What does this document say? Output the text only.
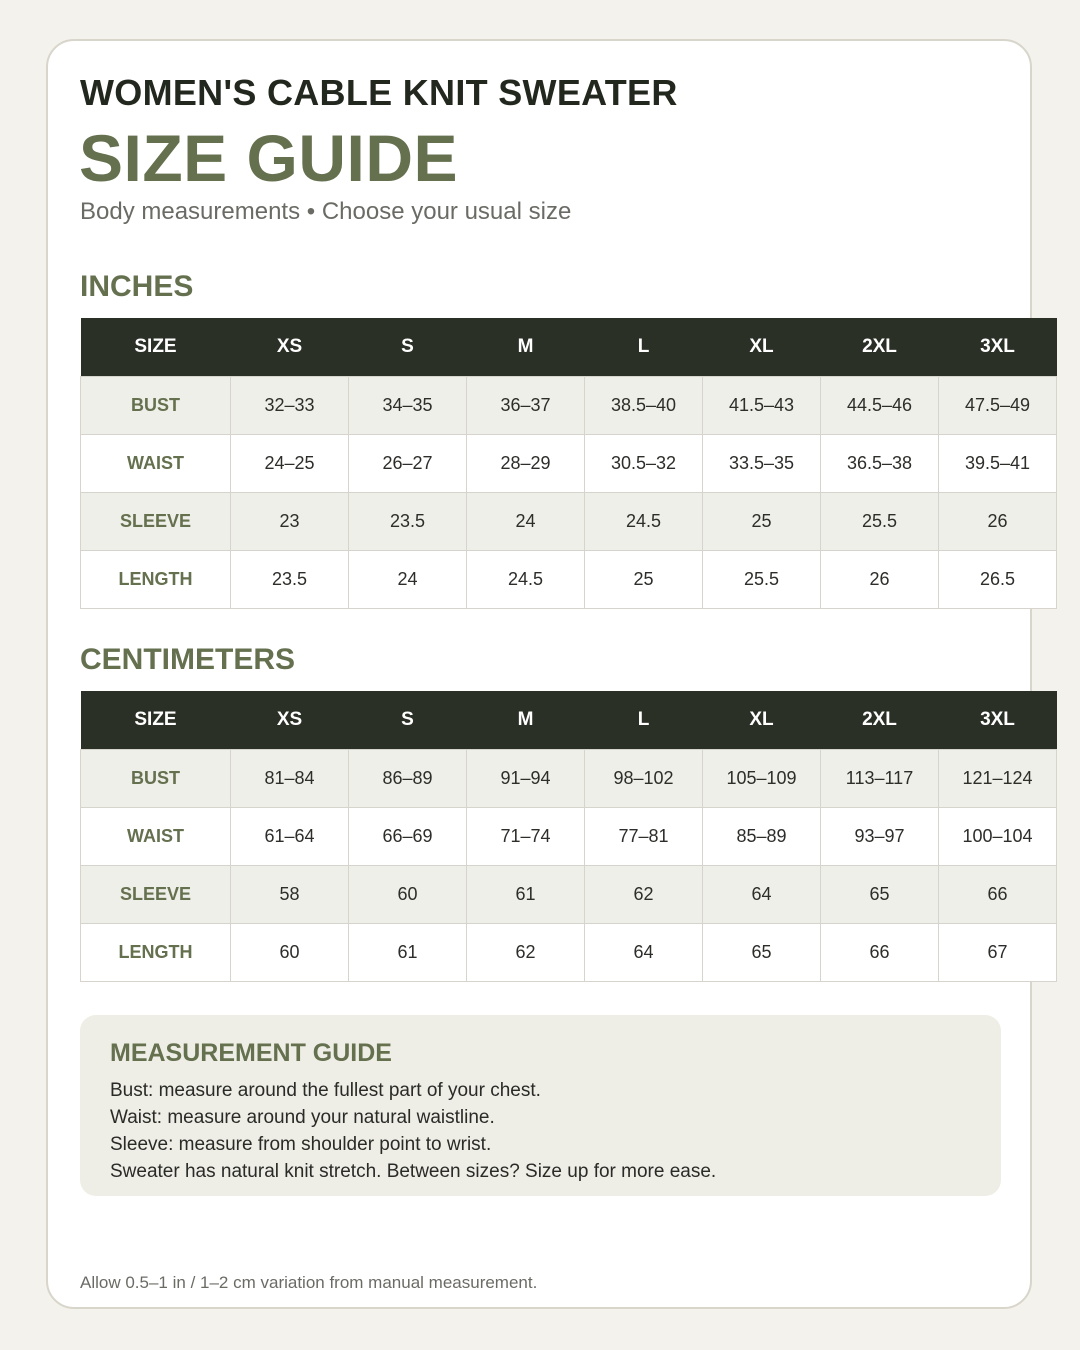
WOMEN'S CABLE KNIT SWEATER
SIZE GUIDE
Body measurements • Choose your usual size
INCHES
SIZE	XS	S	M	L	XL	2XL	3XL
BUST	32–33	34–35	36–37	38.5–40	41.5–43	44.5–46	47.5–49
WAIST	24–25	26–27	28–29	30.5–32	33.5–35	36.5–38	39.5–41
SLEEVE	23	23.5	24	24.5	25	25.5	26
LENGTH	23.5	24	24.5	25	25.5	26	26.5
CENTIMETERS
SIZE	XS	S	M	L	XL	2XL	3XL
BUST	81–84	86–89	91–94	98–102	105–109	113–117	121–124
WAIST	61–64	66–69	71–74	77–81	85–89	93–97	100–104
SLEEVE	58	60	61	62	64	65	66
LENGTH	60	61	62	64	65	66	67
MEASUREMENT GUIDE
Bust: measure around the fullest part of your chest.
Waist: measure around your natural waistline.
Sleeve: measure from shoulder point to wrist.
Sweater has natural knit stretch. Between sizes? Size up for more ease.
Allow 0.5–1 in / 1–2 cm variation from manual measurement.
